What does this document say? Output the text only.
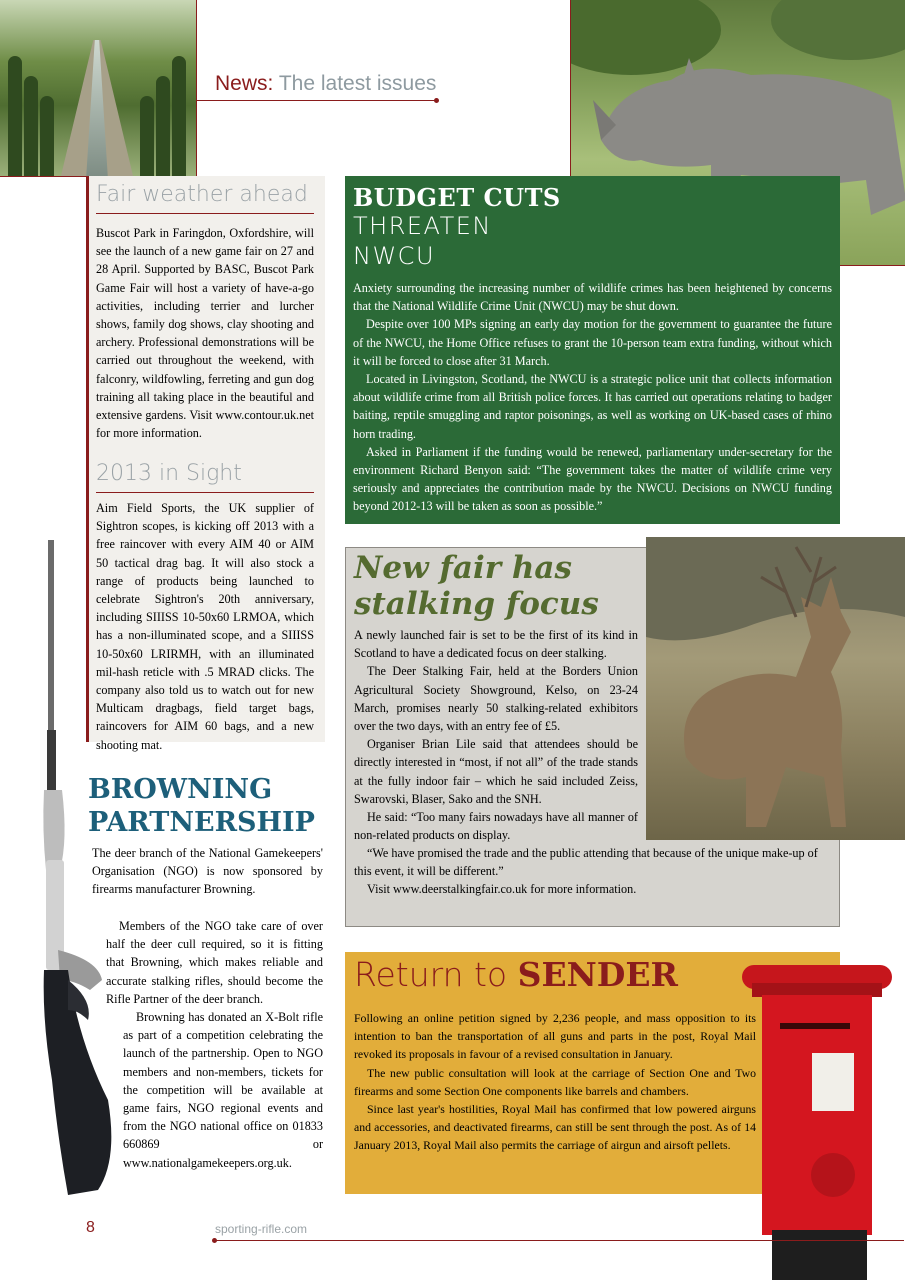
News: The latest issues
Fair weather ahead

Buscot Park in Faringdon, Oxfordshire, will see the launch of a new game fair on 27 and 28 April. Supported by BASC, Buscot Park Game Fair will host a variety of have-a-go activities, including terrier and lurcher shows, family dog shows, clay shooting and archery. Professional demonstrations will be carried out throughout the weekend, with falconry, wildfowling, ferreting and gun dog training all taking place in the beautiful and extensive gardens. Visit www.contour.uk.net for more information.

2013 in Sight

Aim Field Sports, the UK supplier of Sightron scopes, is kicking off 2013 with a free raincover with every AIM 40 or AIM 50 tactical drag bag. It will also stock a range of products being launched to celebrate Sightron's 20th anniversary, including SIIISS 10-50x60 LRMOA, which has a non-illuminated scope, and a SIIISS 10-50x60 LRIRMH, with an illuminated mil-hash reticle with .5 MRAD clicks. The company also told us to watch out for new Multicam dragbags, field target bags, raincovers for AIM 60 bags, and a new shooting mat.

BUDGET CUTS
THREATEN
NWCU

Anxiety surrounding the increasing number of wildlife crimes has been heightened by concerns that the National Wildlife Crime Unit (NWCU) may be shut down.

Despite over 100 MPs signing an early day motion for the government to guarantee the future of the NWCU, the Home Office refuses to grant the 10-person team extra funding, without which it will be forced to close after 31 March.

Located in Livingston, Scotland, the NWCU is a strategic police unit that collects information about wildlife crime from all British police forces. It has carried out operations relating to badger baiting, reptile smuggling and raptor poisonings, as well as working on UK-based cases of rhino horn trading.

Asked in Parliament if the funding would be renewed, parliamentary under-secretary for the environment Richard Benyon said: “The government takes the matter of wildlife crime very seriously and appreciates the contribution made by the NWCU. Decisions on NWCU funding beyond 2012-13 will be taken as soon as possible.”

BROWNING
PARTNERSHIP

The deer branch of the National Gamekeepers' Organisation (NGO) is now sponsored by firearms manufacturer Browning.

Members of the NGO take care of over half the deer cull required, so it is fitting that Browning, which makes reliable and accurate stalking rifles, should become the Rifle Partner of the deer branch.

Browning has donated an X-Bolt rifle as part of a competition celebrating the launch of the partnership. Open to NGO members and non-members, tickets for the competition will be available at game fairs, NGO regional events and from the NGO national office on 01833 660869 or www.nationalgamekeepers.org.uk.

New fair has
stalking focus

A newly launched fair is set to be the first of its kind in Scotland to have a dedicated focus on deer stalking.

The Deer Stalking Fair, held at the Borders Union Agricultural Society Showground, Kelso, on 23-24 March, promises nearly 50 stalking-related exhibitors over the two days, with an entry fee of £5.

Organiser Brian Lile said that attendees should be directly interested in “most, if not all” of the trade stands at the fully indoor fair – which he said included Zeiss, Swarovski, Blaser, Sako and the SNH.

He said: “Too many fairs nowadays have all manner of non-related products on display.

“We have promised the trade and the public attending that because of the unique make-up of this event, it will be different.”

Visit www.deerstalkingfair.co.uk for more information.

Return to SENDER

Following an online petition signed by 2,236 people, and mass opposition to its intention to ban the transportation of all guns and parts in the post, Royal Mail revoked its proposals in favour of a revised consultation in January.

The new public consultation will look at the carriage of Section One and Two firearms and some Section One components like barrels and chambers.

Since last year's hostilities, Royal Mail has confirmed that low powered airguns and accessories, and deactivated firearms, can still be sent through the post. As of 14 January 2013, Royal Mail also permits the carriage of airgun and airsoft pellets.

8	sporting-rifle.com
